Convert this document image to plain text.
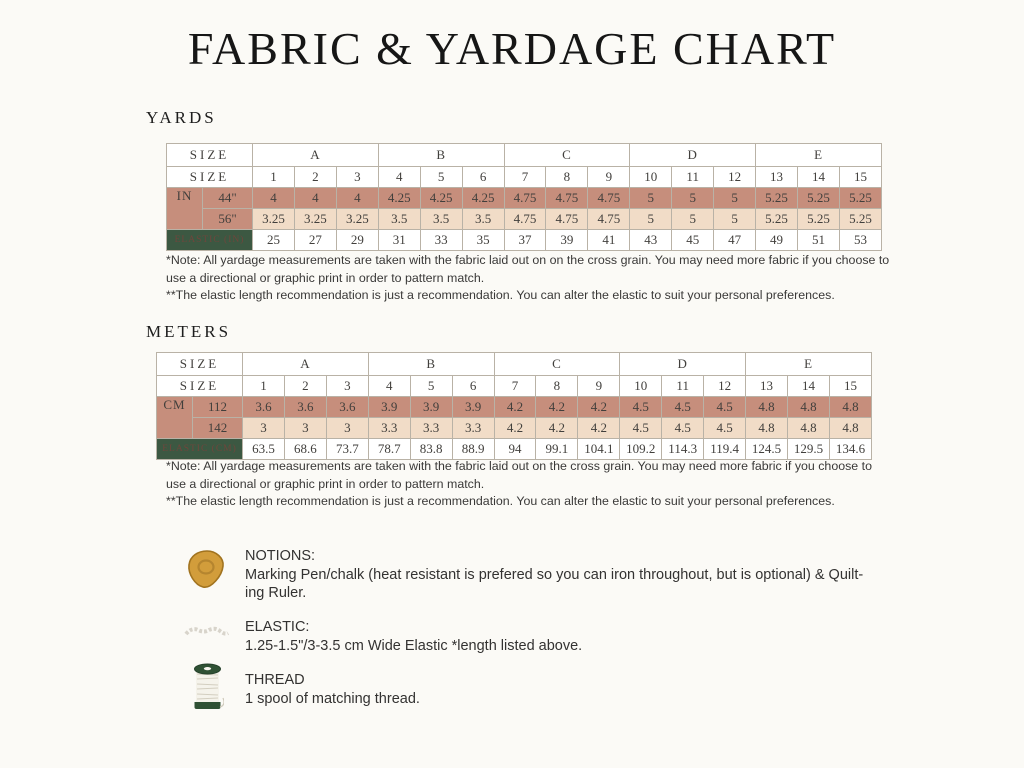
FABRIC & YARDAGE CHART
YARDS
SIZE		A			B			C			D			E		
SIZE		1	2	3	4	5	6	7	8	9	10	11	12	13	14	15
IN	44"	4	4	4	4.25	4.25	4.25	4.75	4.75	4.75	5	5	5	5.25	5.25	5.25
	56"	3.25	3.25	3.25	3.5	3.5	3.5	4.75	4.75	4.75	5	5	5	5.25	5.25	5.25
ELASTIC (IN)		25	27	29	31	33	35	37	39	41	43	45	47	49	51	53

*Note: All yardage measurements are taken with the fabric laid out on on the cross grain. You may need more fabric if you choose to use a directional or graphic print in order to pattern match.

**The elastic length recommendation is just a recommendation. You can alter the elastic to suit your personal preferences.

METERS
SIZE		A			B			C			D			E		
SIZE		1	2	3	4	5	6	7	8	9	10	11	12	13	14	15
CM	112	3.6	3.6	3.6	3.9	3.9	3.9	4.2	4.2	4.2	4.5	4.5	4.5	4.8	4.8	4.8
	142	3	3	3	3.3	3.3	3.3	4.2	4.2	4.2	4.5	4.5	4.5	4.8	4.8	4.8
ELASTIC (CM)		63.5	68.6	73.7	78.7	83.8	88.9	94	99.1	104.1	109.2	114.3	119.4	124.5	129.5	134.6

*Note: All yardage measurements are taken with the fabric laid out on the cross grain. You may need more fabric if you choose to use a directional or graphic print in order to pattern match.

**The elastic length recommendation is just a recommendation. You can alter the elastic to suit your personal preferences.

NOTIONS:
Marking Pen/chalk (heat resistant is prefered so you can iron throughout, but is optional) & Quilt-
ing Ruler.
ELASTIC:
1.25-1.5"/3-3.5 cm Wide Elastic *length listed above.
THREAD
1 spool of matching thread.
